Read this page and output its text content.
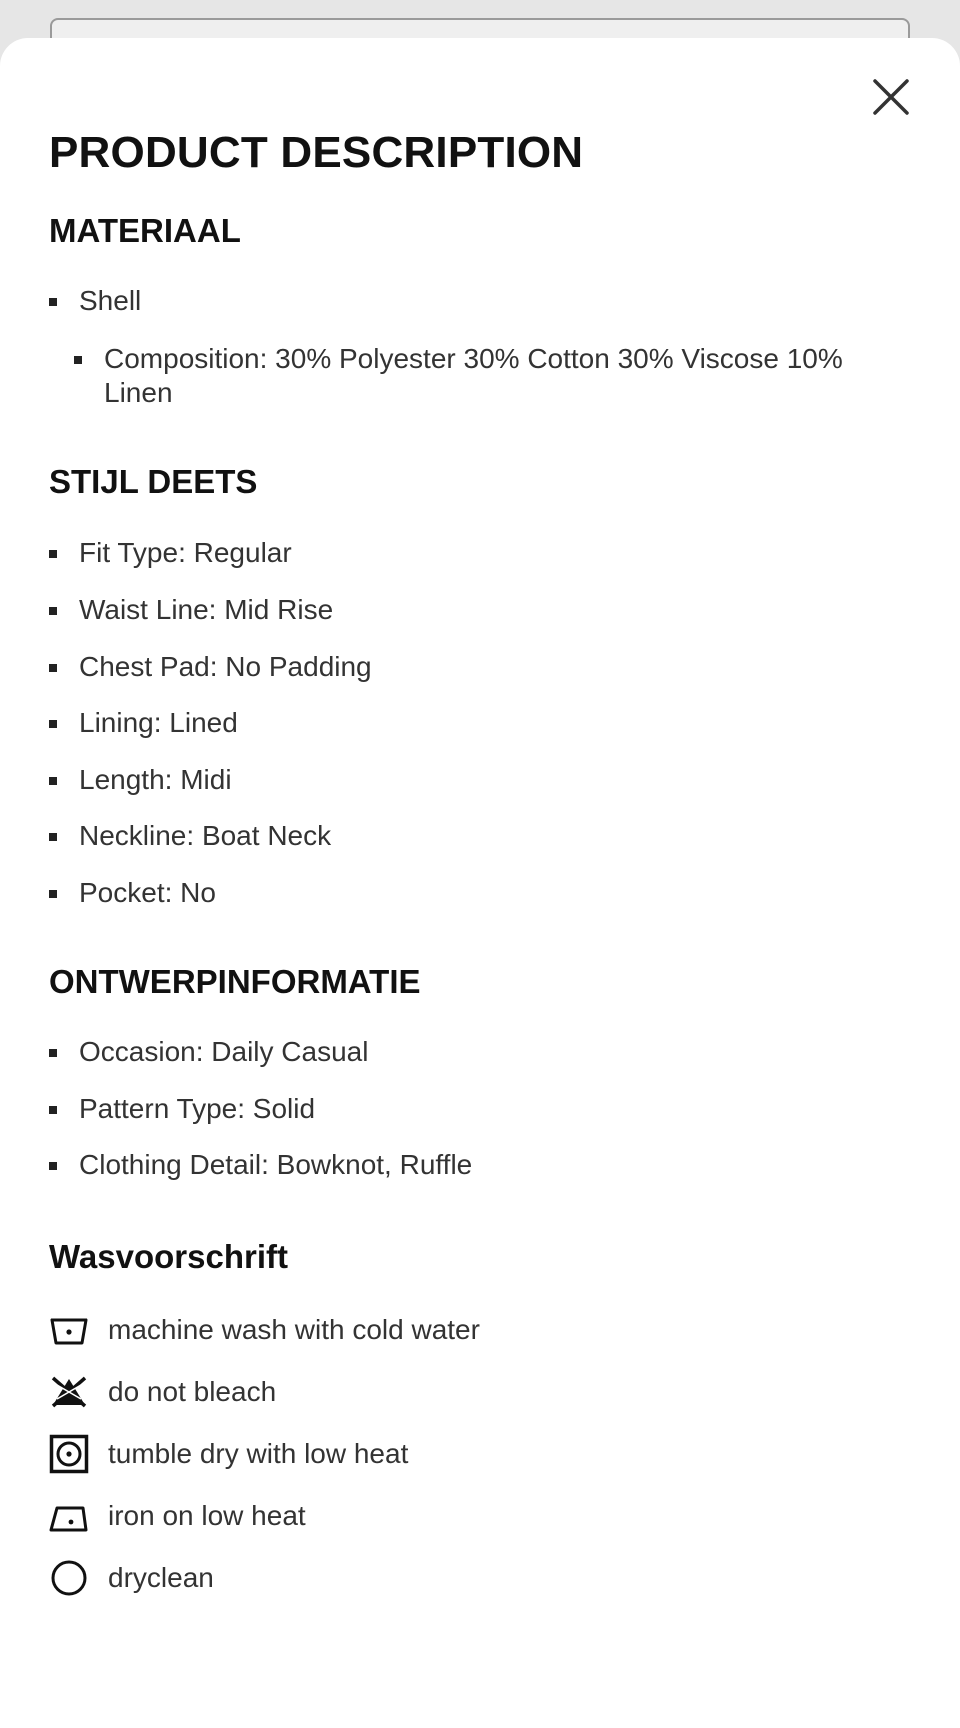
PRODUCT DESCRIPTION
MATERIAAL
Shell
Composition: 30% Polyester 30% Cotton 30% Viscose 10% Linen
STIJL DEETS
Fit Type: Regular
Waist Line: Mid Rise
Chest Pad: No Padding
Lining: Lined
Length: Midi
Neckline: Boat Neck
Pocket: No
ONTWERPINFORMATIE
Occasion: Daily Casual
Pattern Type: Solid
Clothing Detail: Bowknot, Ruffle
Wasvoorschrift
machine wash with cold water
do not bleach
tumble dry with low heat
iron on low heat
dryclean
